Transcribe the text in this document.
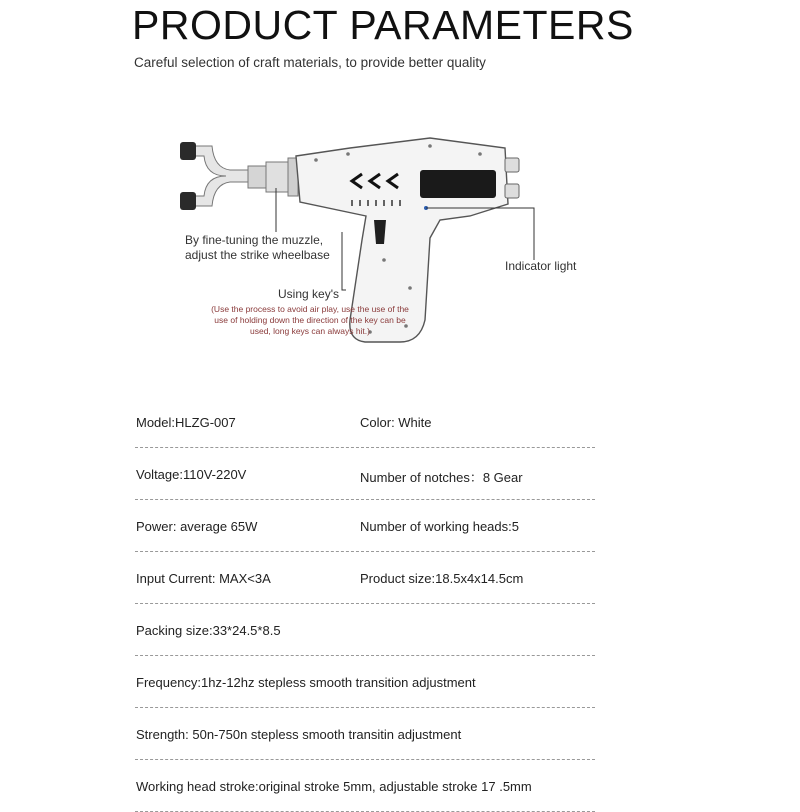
PRODUCT PARAMETERS
Careful selection of craft materials, to provide better quality
By fine-tuning the muzzle,
adjust the strike wheelbase
Indicator light
Using key's
(Use the process to avoid air play, use the use of the use of holding down the direction of the key can be used, long keys can always hit.)
Model:HLZG-007	Color: White
Voltage:110V-220V	Number of notches：8 Gear
Power: average 65W	Number of working heads:5
Input Current: MAX<3A	Product size:18.5x4x14.5cm
Packing size:33*24.5*8.5
Frequency:1hz-12hz stepless smooth transition adjustment
Strength: 50n-750n stepless smooth transitin adjustment
Working head stroke:original stroke 5mm, adjustable stroke 17 .5mm
